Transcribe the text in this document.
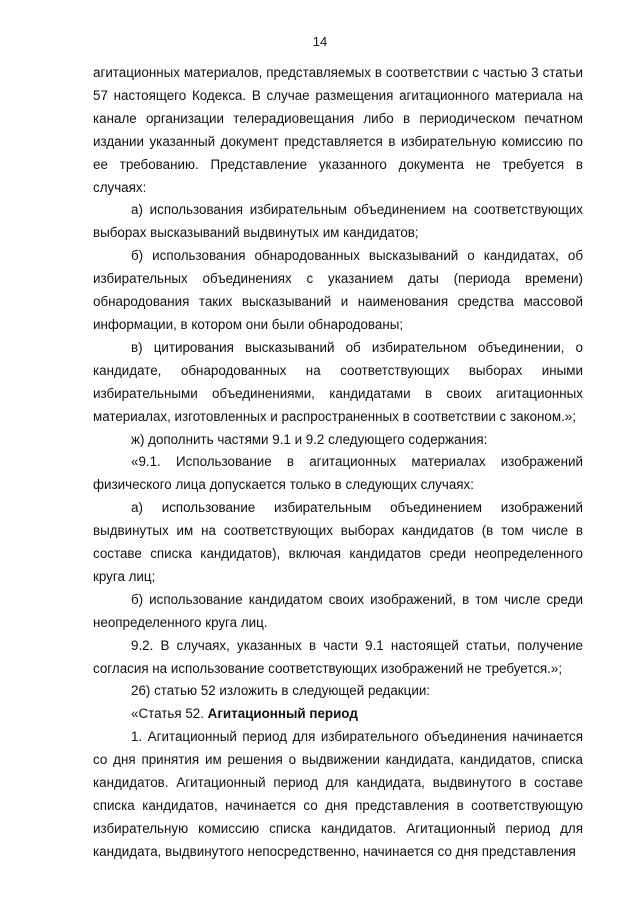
14

агитационных материалов, представляемых в соответствии с частью 3 статьи 57 настоящего Кодекса. В случае размещения агитационного материала на канале организации телерадиовещания либо в периодическом печатном издании указанный документ представляется в избирательную комиссию по ее требованию. Представление указанного документа не требуется в случаях:

а) использования избирательным объединением на соответствующих выборах высказываний выдвинутых им кандидатов;

б) использования обнародованных высказываний о кандидатах, об избирательных объединениях с указанием даты (периода времени) обнародования таких высказываний и наименования средства массовой информации, в котором они были обнародованы;

в) цитирования высказываний об избирательном объединении, о кандидате, обнародованных на соответствующих выборах иными избирательными объединениями, кандидатами в своих агитационных материалах, изготовленных и распространенных в соответствии с законом.»;

ж) дополнить частями 9.1 и 9.2 следующего содержания:

«9.1. Использование в агитационных материалах изображений физического лица допускается только в следующих случаях:

а) использование избирательным объединением изображений выдвинутых им на соответствующих выборах кандидатов (в том числе в составе списка кандидатов), включая кандидатов среди неопределенного круга лиц;

б) использование кандидатом своих изображений, в том числе среди неопределенного круга лиц.

9.2. В случаях, указанных в части 9.1 настоящей статьи, получение согласия на использование соответствующих изображений не требуется.»;

26) статью 52 изложить в следующей редакции:

«Статья 52. Агитационный период

1. Агитационный период для избирательного объединения начинается со дня принятия им решения о выдвижении кандидата, кандидатов, списка кандидатов. Агитационный период для кандидата, выдвинутого в составе списка кандидатов, начинается со дня представления в соответствующую избирательную комиссию списка кандидатов. Агитационный период для кандидата, выдвинутого непосредственно, начинается со дня представления
